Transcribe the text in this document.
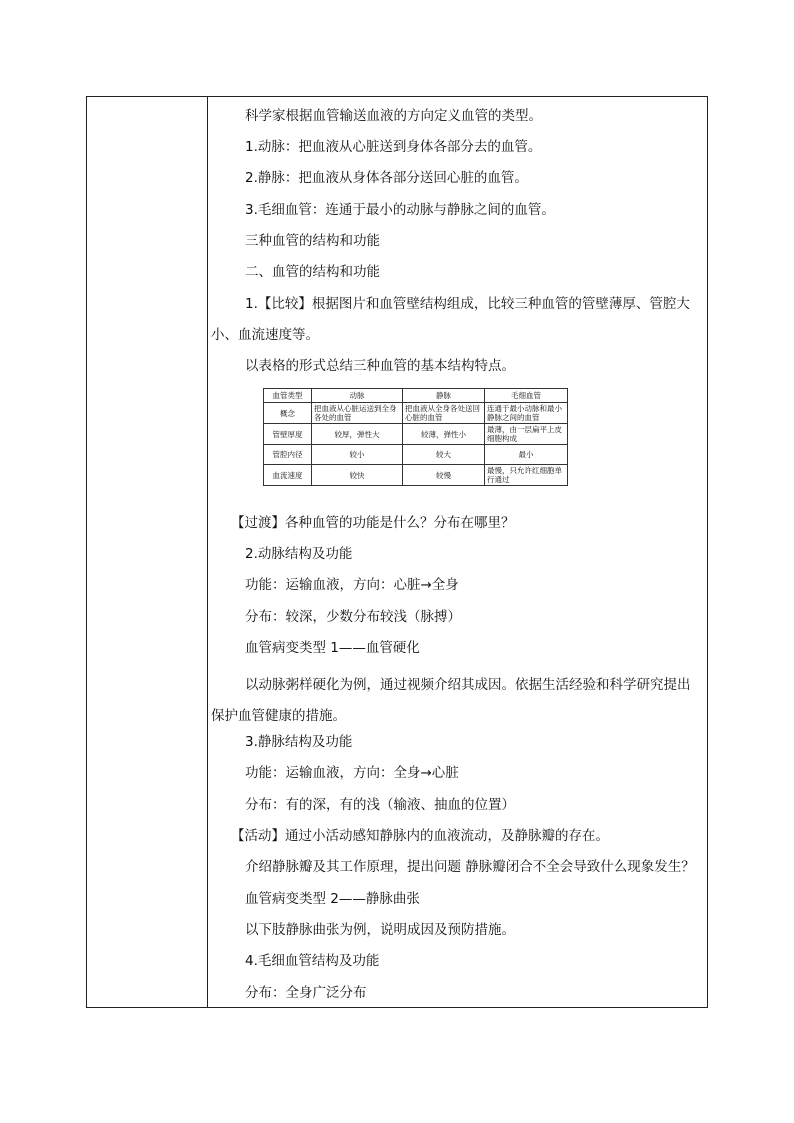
科学家根据血管输送血液的方向定义血管的类型。
1.动脉：把血液从心脏送到身体各部分去的血管。
2.静脉：把血液从身体各部分送回心脏的血管。
3.毛细血管：连通于最小的动脉与静脉之间的血管。
三种血管的结构和功能
二、血管的结构和功能
1.【比较】根据图片和血管壁结构组成，比较三种血管的管壁薄厚、管腔大
小、血流速度等。
以表格的形式总结三种血管的基本结构特点。
【过渡】各种血管的功能是什么？分布在哪里？
2.动脉结构及功能
功能：运输血液，方向：心脏→全身
分布：较深，少数分布较浅（脉搏）
血管病变类型 1——血管硬化
以动脉粥样硬化为例，通过视频介绍其成因。依据生活经验和科学研究提出保护血管健康的措施。
3.静脉结构及功能
功能：运输血液，方向：全身→心脏
分布：有的深，有的浅（输液、抽血的位置）
【活动】通过小活动感知静脉内的血液流动，及静脉瓣的存在。
介绍静脉瓣及其工作原理，提出问题 静脉瓣闭合不全会导致什么现象发生？
血管病变类型 2——静脉曲张
以下肢静脉曲张为例，说明成因及预防措施。
4.毛细血管结构及功能
分布：全身广泛分布
血管类型	动脉	静脉	毛细血管
概念	把血液从心脏运送到全身各处的血管	把血液从全身各处送回心脏的血管	连通于最小动脉和最小静脉之间的血管
管壁厚度	较厚，弹性大	较薄，弹性小	最薄，由一层扁平上皮细胞构成
管腔内径	较小	较大	最小
血流速度	较快	较慢	最慢，只允许红细胞单行通过
